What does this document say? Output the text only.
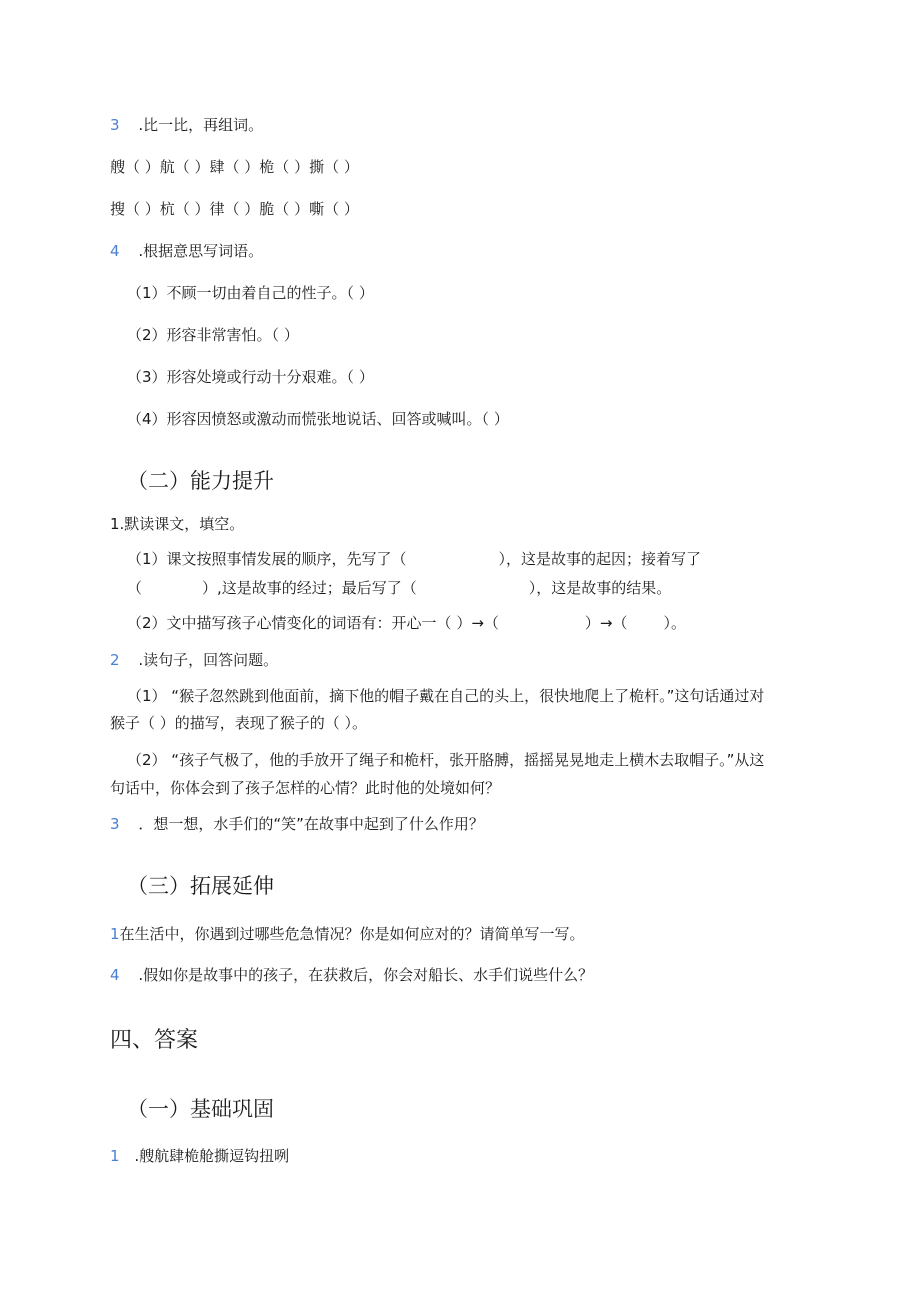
3 .比一比，再组词。
艘（ ）航（ ）肆（ ）桅（ ）撕（ ）
搜（ ）杭（ ）律（ ）脆（ ）嘶（ ）
4 .根据意思写词语。
（1）不顾一切由着自己的性子。（ ）
（2）形容非常害怕。（ ）
（3）形容处境或行动十分艰难。（ ）
（4）形容因愤怒或激动而慌张地说话、回答或喊叫。（ ）
（二）能力提升
1.默读课文，填空。
（1）课文按照事情发展的顺序，先写了（	），这是故事的起因；接着写了
（	）,这是故事的经过；最后写了（	），这是故事的结果。
（2）文中描写孩子心情变化的词语有：开心一（ ）→（	）→（ ）。
2 .读句子，回答问题。
（1） “猴子忽然跳到他面前，摘下他的帽子戴在自己的头上，很快地爬上了桅杆。”这句话通过对
猴子（ ）的描写，表现了猴子的（ ）。
（2） “孩子气极了，他的手放开了绳子和桅杆，张开胳膊，摇摇晃晃地走上横木去取帽子。”从这
句话中，你体会到了孩子怎样的心情？此时他的处境如何？
3 ．想一想，水手们的“笑”在故事中起到了什么作用？
（三）拓展延伸
1在生活中，你遇到过哪些危急情况？你是如何应对的？请简单写一写。
4 .假如你是故事中的孩子，在获救后，你会对船长、水手们说些什么？
四、答案
（一）基础巩固
1 .艘航肆桅舱撕逗钩扭咧
